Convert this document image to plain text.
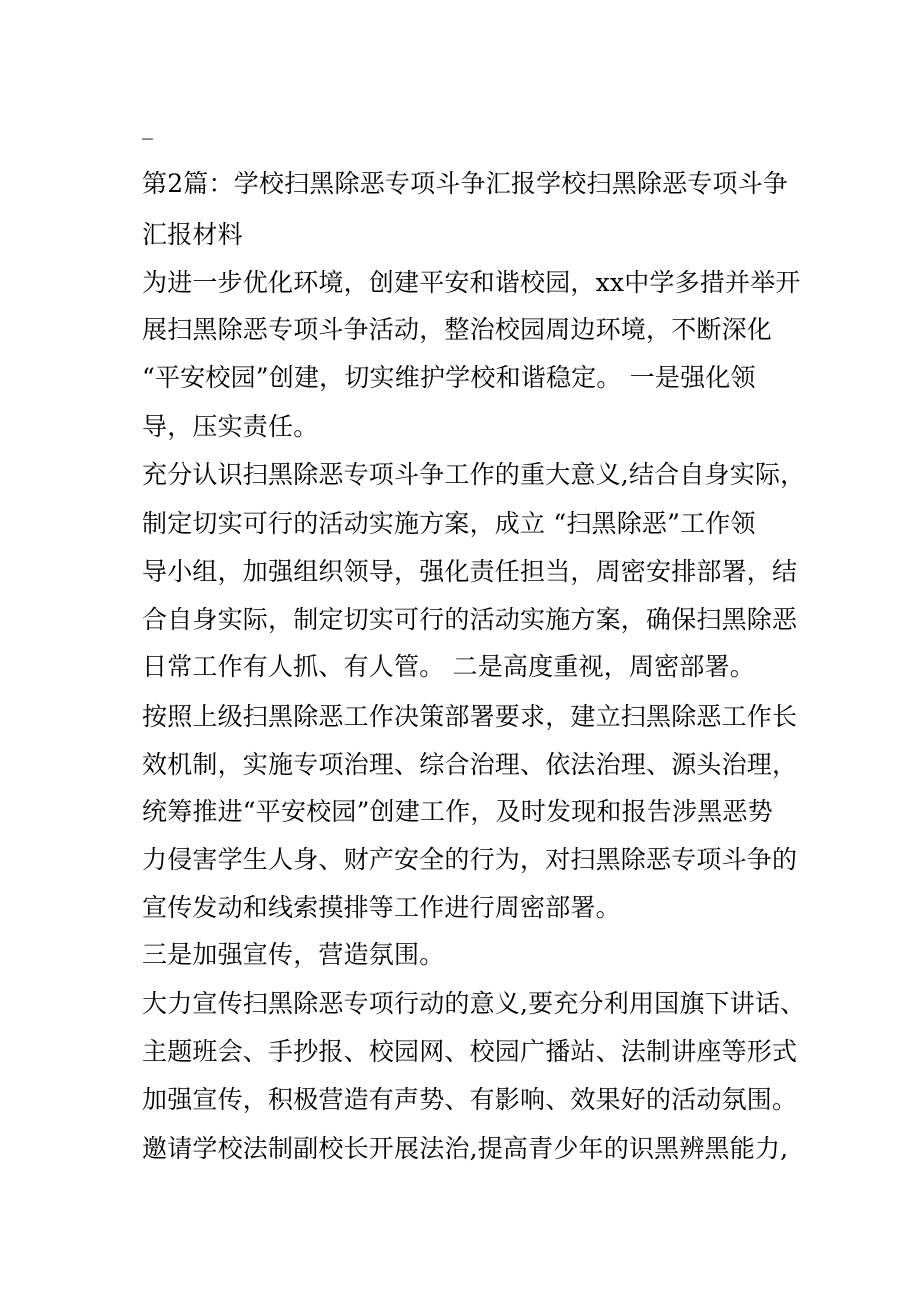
_
第2篇：学校扫黑除恶专项斗争汇报学校扫黑除恶专项斗争
汇报材料
为进一步优化环境，创建平安和谐校园，xx中学多措并举开
展扫黑除恶专项斗争活动，整治校园周边环境，不断深化
“平安校园”创建，切实维护学校和谐稳定。 一是强化领
导，压实责任。
充分认识扫黑除恶专项斗争工作的重大意义,结合自身实际，
制定切实可行的活动实施方案，成立 “扫黑除恶”工作领
导小组，加强组织领导，强化责任担当，周密安排部署，结
合自身实际，制定切实可行的活动实施方案，确保扫黑除恶
日常工作有人抓、有人管。 二是高度重视，周密部署。
按照上级扫黑除恶工作决策部署要求，建立扫黑除恶工作长
效机制，实施专项治理、综合治理、依法治理、源头治理，
统筹推进“平安校园”创建工作，及时发现和报告涉黑恶势
力侵害学生人身、财产安全的行为，对扫黑除恶专项斗争的
宣传发动和线索摸排等工作进行周密部署。
三是加强宣传，营造氛围。
大力宣传扫黑除恶专项行动的意义,要充分利用国旗下讲话、
主题班会、手抄报、校园网、校园广播站、法制讲座等形式
加强宣传，积极营造有声势、有影响、效果好的活动氛围。
邀请学校法制副校长开展法治,提高青少年的识黑辨黑能力,
